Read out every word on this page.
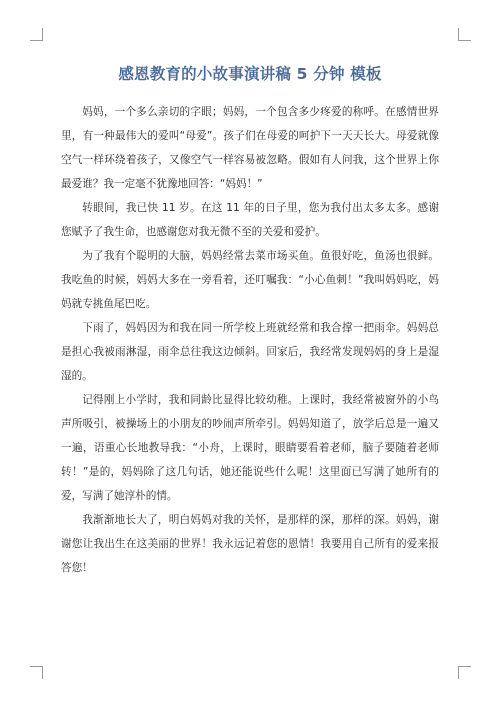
感恩教育的小故事演讲稿 5 分钟 模板

妈妈，一个多么亲切的字眼；妈妈，一个包含多少疼爱的称呼。在感情世界里，有一种最伟大的爱叫“母爱”。孩子们在母爱的呵护下一天天长大。母爱就像空气一样环绕着孩子，又像空气一样容易被忽略。假如有人问我，这个世界上你最爱谁？我一定毫不犹豫地回答：“妈妈！”

转眼间，我已快 11 岁。在这 11 年的日子里，您为我付出太多太多。感谢您赋予了我生命，也感谢您对我无微不至的关爱和爱护。

为了我有个聪明的大脑，妈妈经常去菜市场买鱼。鱼很好吃，鱼汤也很鲜。我吃鱼的时候，妈妈大多在一旁看着，还叮嘱我：“小心鱼刺！”我叫妈妈吃，妈妈就专挑鱼尾巴吃。

下雨了，妈妈因为和我在同一所学校上班就经常和我合撑一把雨伞。妈妈总是担心我被雨淋湿，雨伞总往我这边倾斜。回家后，我经常发现妈妈的身上是湿湿的。

记得刚上小学时，我和同龄比显得比较幼稚。上课时，我经常被窗外的小鸟声所吸引，被操场上的小朋友的吵闹声所牵引。妈妈知道了，放学后总是一遍又一遍，语重心长地教导我：“小舟，上课时，眼睛要看着老师，脑子要随着老师转！”是的，妈妈除了这几句话，她还能说些什么呢！这里面已写满了她所有的爱，写满了她淳朴的情。

我渐渐地长大了，明白妈妈对我的关怀，是那样的深，那样的深。妈妈，谢谢您让我出生在这美丽的世界！我永远记着您的恩情！我要用自己所有的爱来报答您！
